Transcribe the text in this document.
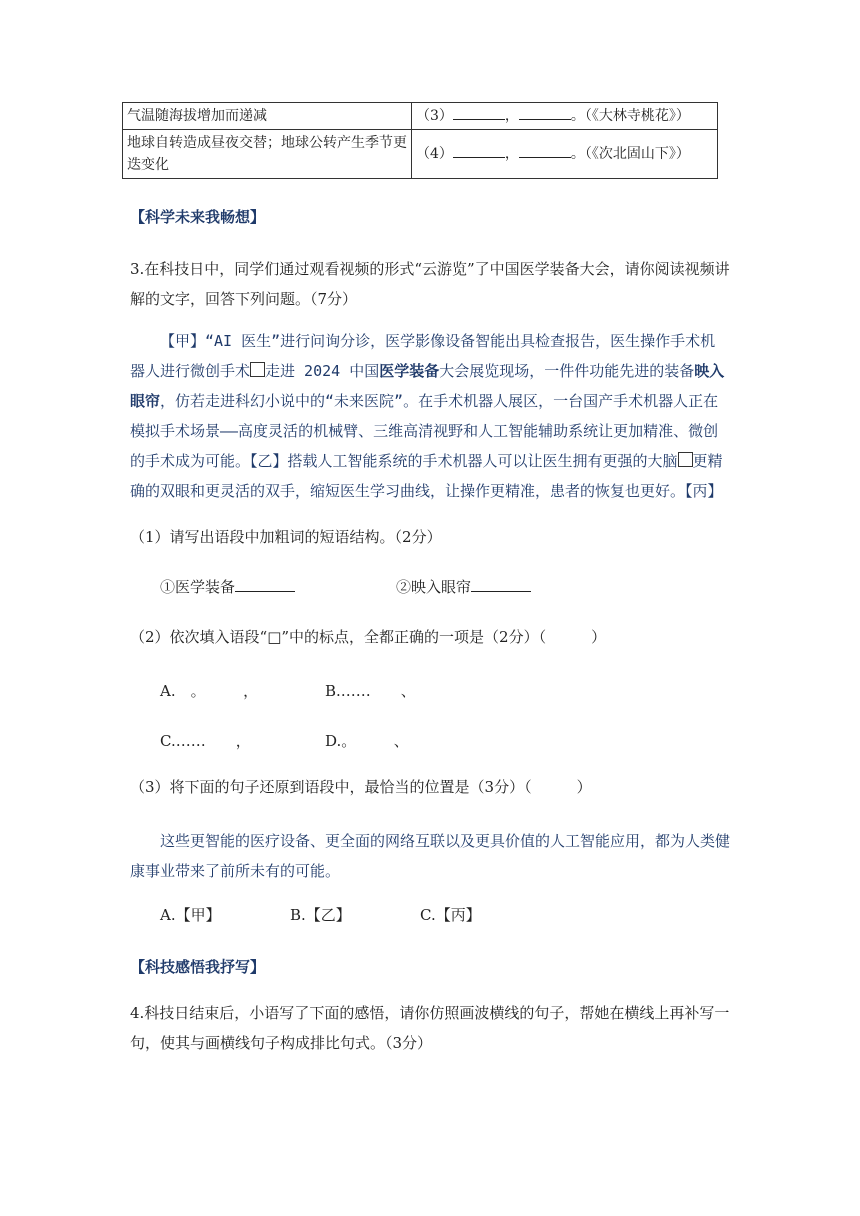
气温随海拔增加而递减	（3） ， 。（《大林寺桃花》）
地球自转造成昼夜交替；地球公转产生季节更迭变化	（4） ， 。（《次北固山下》）
【科学未来我畅想】
3.在科技日中，同学们通过观看视频的形式“云游览”了中国医学装备大会，请你阅读视频讲解的文字，回答下列问题。（7分）
【甲】“AI 医生”进行问询分诊，医学影像设备智能出具检查报告，医生操作手术机器人进行微创手术 走进 2024 中国医学装备大会展览现场，一件件功能先进的装备映入眼帘，仿若走进科幻小说中的“未来医院”。在手术机器人展区，一台国产手术机器人正在模拟手术场景——高度灵活的机械臂、三维高清视野和人工智能辅助系统让更加精准、微创的手术成为可能。【乙】搭载人工智能系统的手术机器人可以让医生拥有更强的大脑 更精确的双眼和更灵活的双手，缩短医生学习曲线，让操作更精准，患者的恢复也更好。【丙】
（1）请写出语段中加粗词的短语结构。（2分）
①医学装备	②映入眼帘
（2）依次填入语段“□”中的标点，全都正确的一项是（2分）（　　　）
A.　。　　　，	B.……　　、
C.……　　，	D.。　　　、
（3）将下面的句子还原到语段中，最恰当的位置是（3分）（　　　）
这些更智能的医疗设备、更全面的网络互联以及更具价值的人工智能应用，都为人类健康事业带来了前所未有的可能。
A.【甲】	B.【乙】	C.【丙】
【科技感悟我抒写】
4.科技日结束后，小语写了下面的感悟，请你仿照画波横线的句子，帮她在横线上再补写一句，使其与画横线句子构成排比句式。（3分）
